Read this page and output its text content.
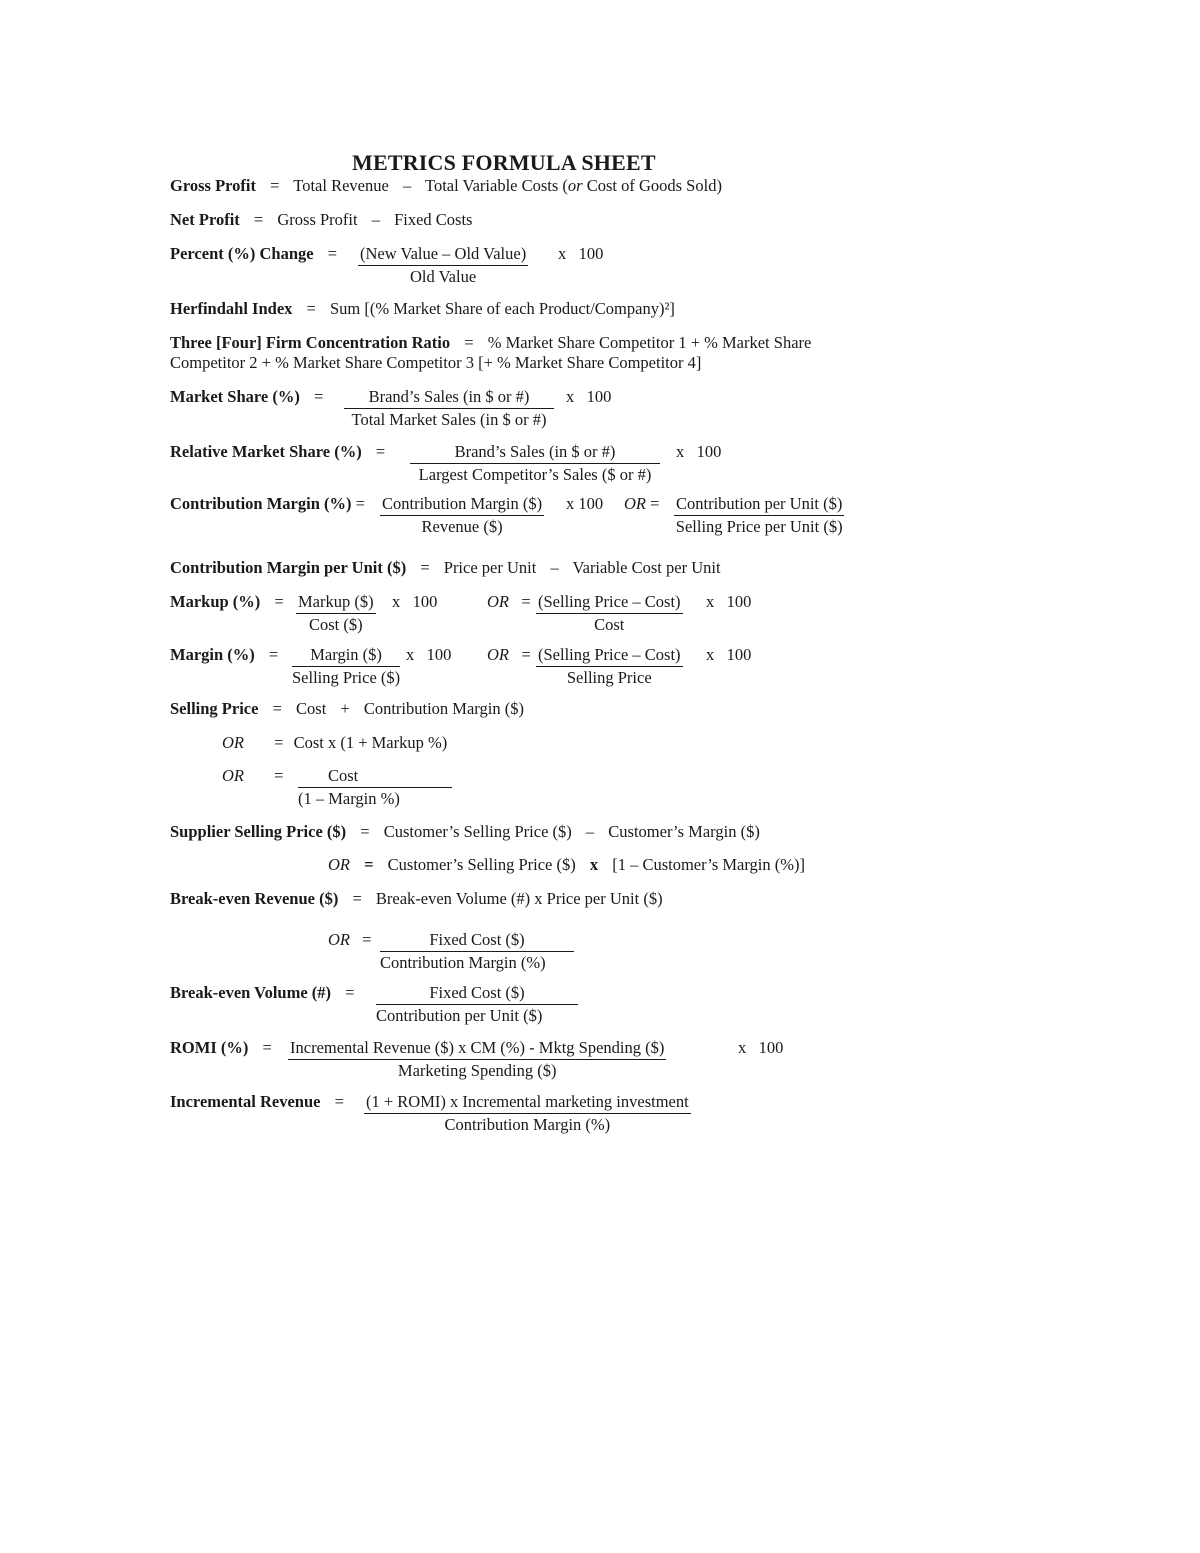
METRICS FORMULA SHEET
Gross Profit = Total Revenue – Total Variable Costs (or Cost of Goods Sold)
Net Profit = Gross Profit – Fixed Costs
Percent (%) Change =	(New Value – Old Value)
Old Value
x 100
Herfindahl Index = Sum [(% Market Share of each Product/Company)²]
Three [Four] Firm Concentration Ratio = % Market Share Competitor 1 + % Market Share
Competitor 2 + % Market Share Competitor 3 [+ % Market Share Competitor 4]
Market Share (%) =	Brand’s Sales (in $ or #)
Total Market Sales (in $ or #)
x 100
Relative Market Share (%) =	Brand’s Sales (in $ or #)
Largest Competitor’s Sales ($ or #)
x 100
Contribution Margin (%) = Contribution Margin ($)
Revenue ($)
x 100 OR = Contribution per Unit ($)
Selling Price per Unit ($)
Contribution Margin per Unit ($) = Price per Unit – Variable Cost per Unit
Markup (%) = Markup ($)
Cost ($)
x 100	OR = (Selling Price – Cost)
Cost
x 100
Margin (%) =	Margin ($)
Selling Price ($)
x 100 OR = (Selling Price – Cost)
Selling Price
x 100
Selling Price = Cost + Contribution Margin ($)
OR = Cost x (1 + Markup %)
OR =	Cost
(1 – Margin %)
Supplier Selling Price ($) = Customer’s Selling Price ($) – Customer’s Margin ($)
OR = Customer’s Selling Price ($) x [1 – Customer’s Margin (%)]
Break-even Revenue ($) = Break-even Volume (#) x Price per Unit ($)
OR =	Fixed Cost ($)
Contribution Margin (%)
Break-even Volume (#) =	Fixed Cost ($)
Contribution per Unit ($)
ROMI (%) =	Incremental Revenue ($) x CM (%) - Mktg Spending ($)
Marketing Spending ($)
x 100
Incremental Revenue =	(1 + ROMI) x Incremental marketing investment
Contribution Margin (%)
